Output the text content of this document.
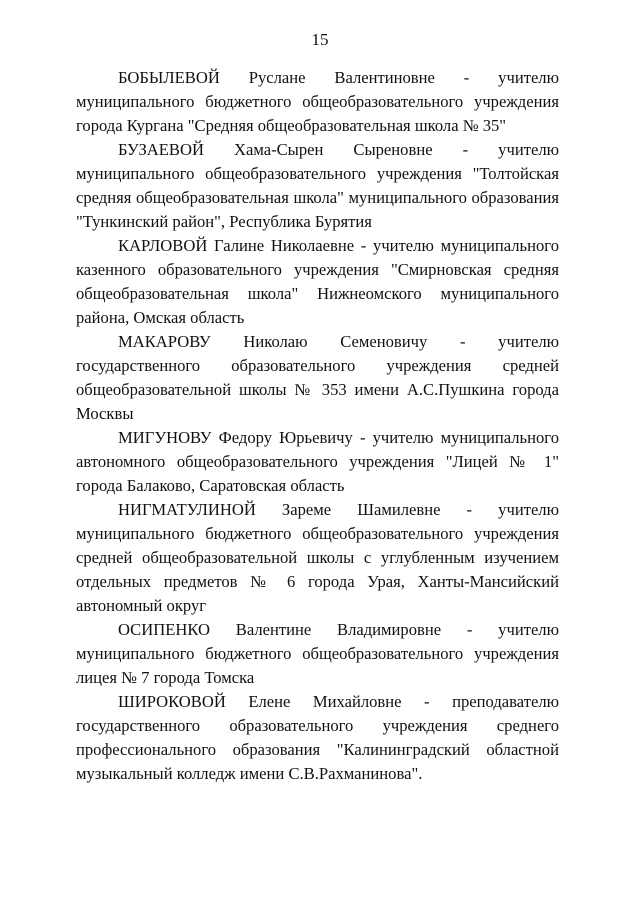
15

БОБЫЛЕВОЙ Руслане Валентиновне - учителю муниципального бюджетного общеобразовательного учреждения города Кургана "Средняя общеобразовательная школа № 35"

БУЗАЕВОЙ Хама-Сырен Сыреновне - учителю муниципального общеобразовательного учреждения "Толтойская средняя общеобразовательная школа" муниципального образования "Тункинский район", Республика Бурятия

КАРЛОВОЙ Галине Николаевне - учителю муниципального казенного образовательного учреждения "Смирновская средняя общеобразовательная школа" Нижнеомского муниципального района, Омская область

МАКАРОВУ Николаю Семеновичу - учителю государственного образовательного учреждения средней общеобразовательной школы № 353 имени А.С.Пушкина города Москвы

МИГУНОВУ Федору Юрьевичу - учителю муниципального автономного общеобразовательного учреждения "Лицей № 1" города Балаково, Саратовская область

НИГМАТУЛИНОЙ Зареме Шамилевне - учителю муниципального бюджетного общеобразовательного учреждения средней общеобразовательной школы с углубленным изучением отдельных предметов № 6 города Урая, Ханты-Мансийский автономный округ

ОСИПЕНКО Валентине Владимировне - учителю муниципального бюджетного общеобразовательного учреждения лицея № 7 города Томска

ШИРОКОВОЙ Елене Михайловне - преподавателю государственного образовательного учреждения среднего профессионального образования "Калининградский областной музыкальный колледж имени С.В.Рахманинова".
